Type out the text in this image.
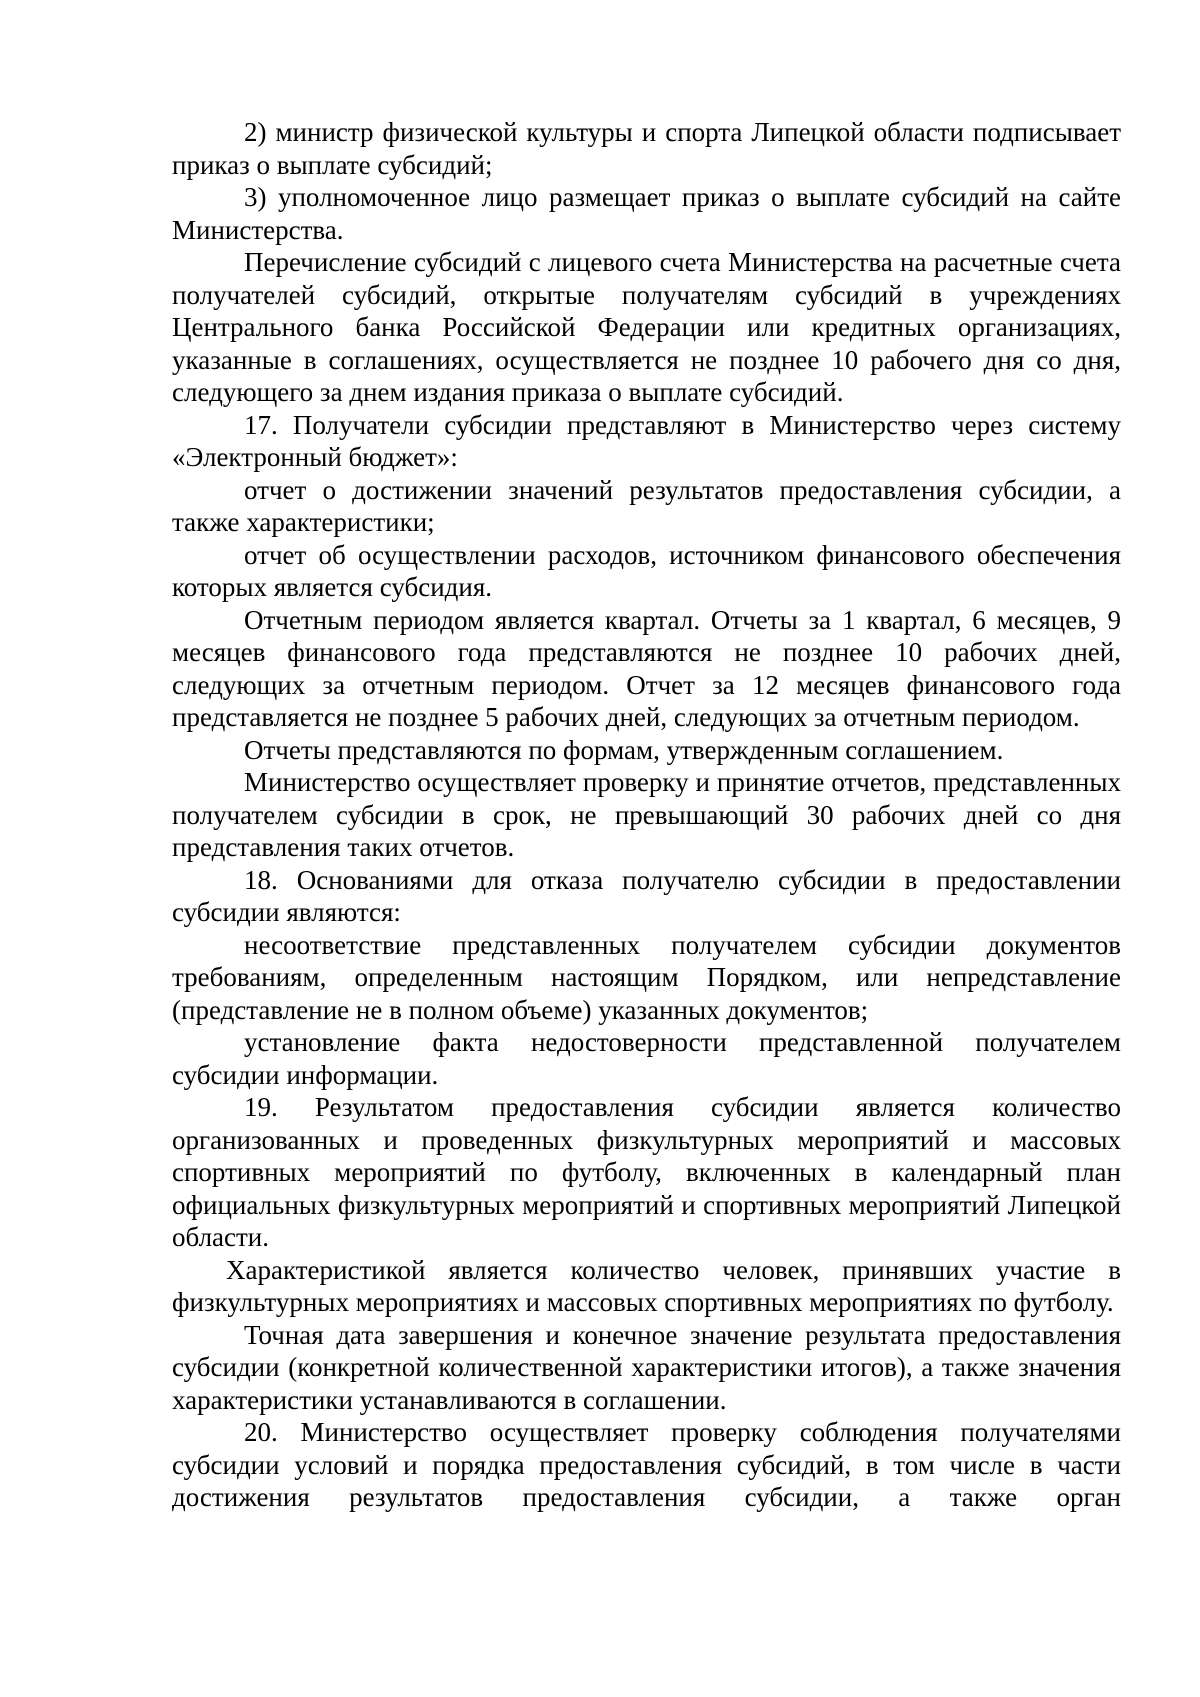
2) министр физической культуры и спорта Липецкой области подписывает приказ о выплате субсидий;

3) уполномоченное лицо размещает приказ о выплате субсидий на сайте Министерства.

Перечисление субсидий с лицевого счета Министерства на расчетные счета получателей субсидий, открытые получателям субсидий в учреждениях Центрального банка Российской Федерации или кредитных организациях, указанные в соглашениях, осуществляется не позднее 10 рабочего дня со дня, следующего за днем издания приказа о выплате субсидий.

17. Получатели субсидии представляют в Министерство через систему «Электронный бюджет»:

отчет о достижении значений результатов предоставления субсидии, а также характеристики;

отчет об осуществлении расходов, источником финансового обеспечения которых является субсидия.

Отчетным периодом является квартал. Отчеты за 1 квартал, 6 месяцев, 9 месяцев финансового года представляются не позднее 10 рабочих дней, следующих за отчетным периодом. Отчет за 12 месяцев финансового года представляется не позднее 5 рабочих дней, следующих за отчетным периодом.

Отчеты представляются по формам, утвержденным соглашением.

Министерство осуществляет проверку и принятие отчетов, представленных получателем субсидии в срок, не превышающий 30 рабочих дней со дня представления таких отчетов.

18. Основаниями для отказа получателю субсидии в предоставлении субсидии являются:

несоответствие представленных получателем субсидии документов требованиям, определенным настоящим Порядком, или непредставление (представление не в полном объеме) указанных документов;

установление факта недостоверности представленной получателем субсидии информации.

19. Результатом предоставления субсидии является количество организованных и проведенных физкультурных мероприятий и массовых спортивных мероприятий по футболу, включенных в календарный план официальных физкультурных мероприятий и спортивных мероприятий Липецкой области.

Характеристикой является количество человек, принявших участие в физкультурных мероприятиях и массовых спортивных мероприятиях по футболу.

Точная дата завершения и конечное значение результата предоставления субсидии (конкретной количественной характеристики итогов), а также значения характеристики устанавливаются в соглашении.

20. Министерство осуществляет проверку соблюдения получателями субсидии условий и порядка предоставления субсидий, в том числе в части достижения результатов предоставления субсидии, а также орган
